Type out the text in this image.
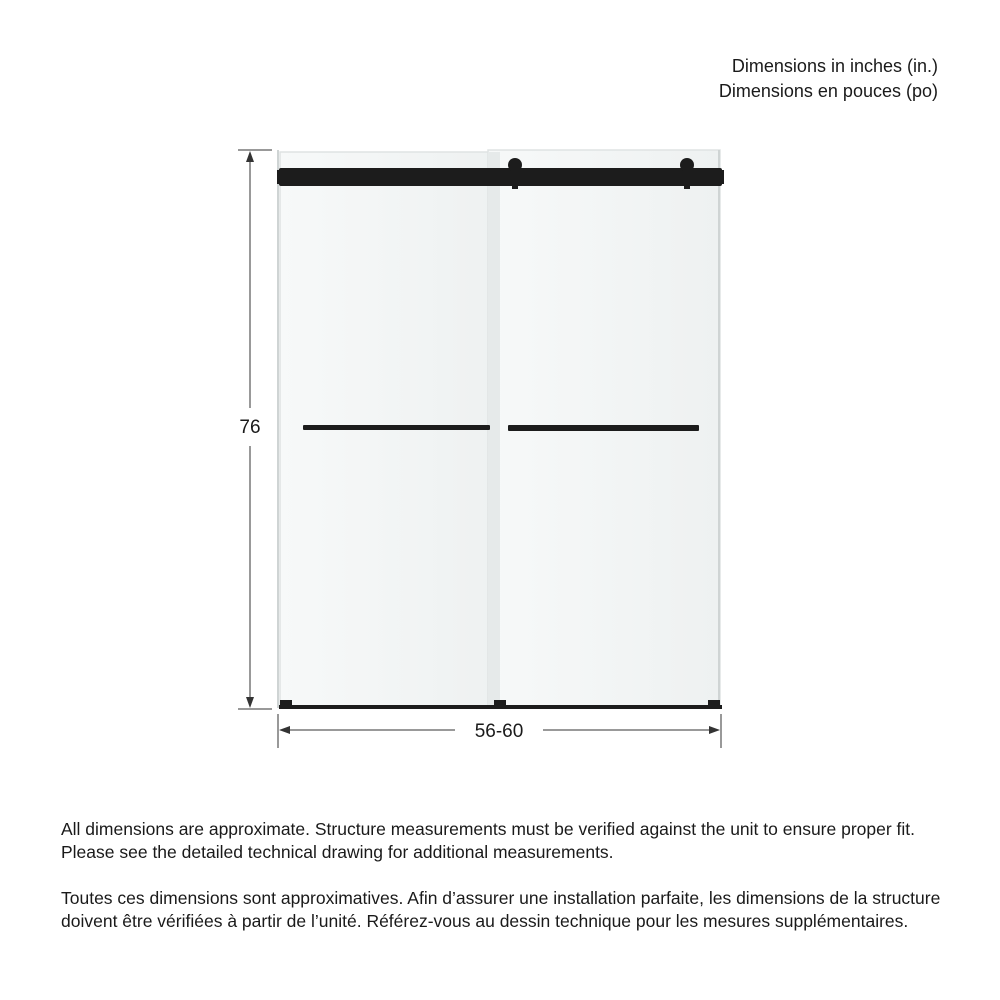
Dimensions in inches (in.)
Dimensions en pouces (po)
76
56-60

All dimensions are approximate. Structure measurements must be verified against the unit to ensure proper fit. Please see the detailed technical drawing for additional measurements.

Toutes ces dimensions sont approximatives. Afin d’assurer une installation parfaite, les dimensions de la structure doivent être vérifiées à partir de l’unité. Référez-vous au dessin technique pour les mesures supplémentaires.
